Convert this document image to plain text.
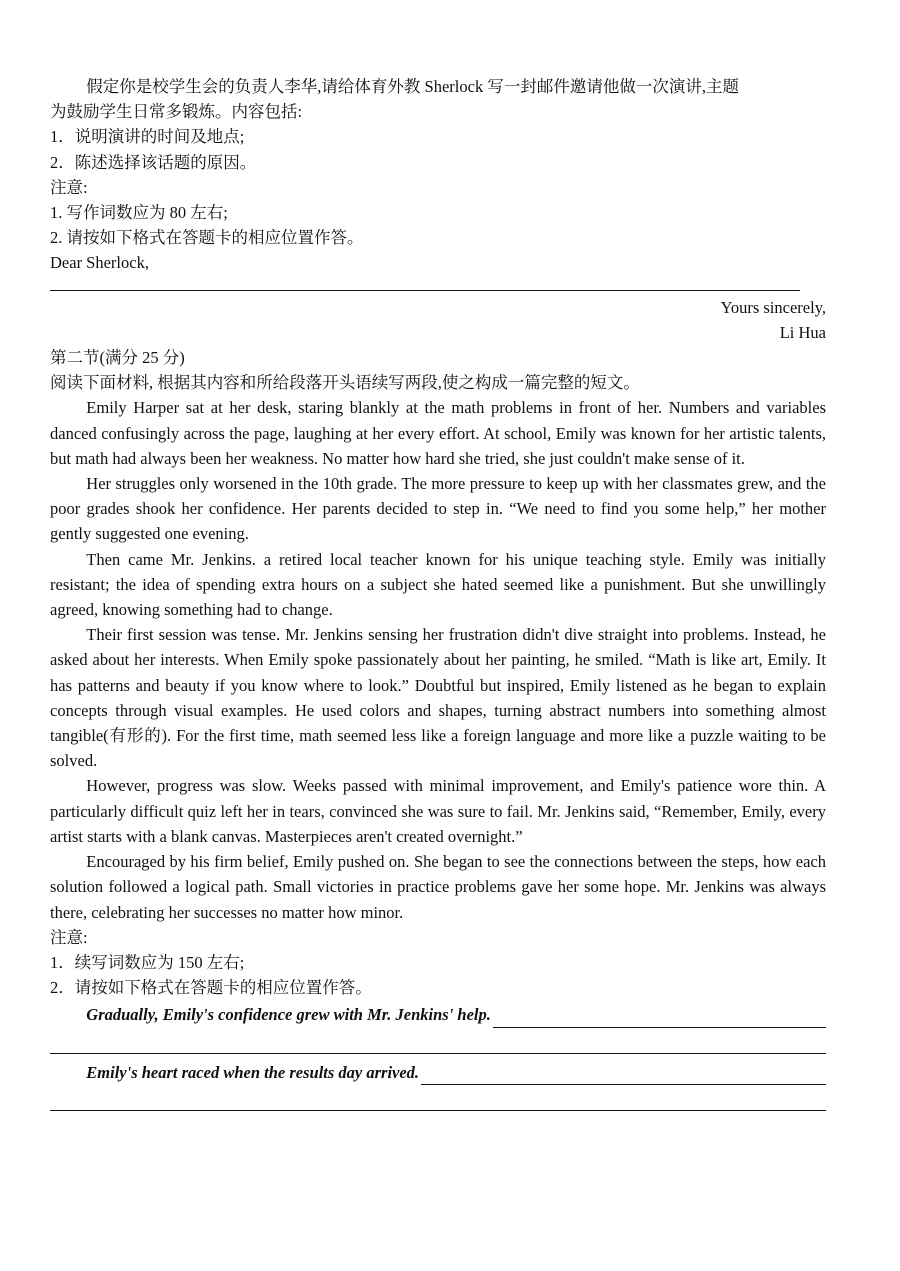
假定你是校学生会的负责人李华,请给体育外教 Sherlock 写一封邮件邀请他做一次演讲,主题

为鼓励学生日常多锻炼。内容包括:

1．说明演讲的时间及地点;

2．陈述选择该话题的原因。

注意:

1. 写作词数应为 80 左右;

2. 请按如下格式在答题卡的相应位置作答。

Dear Sherlock,

Yours sincerely,

Li Hua

第二节(满分 25 分)

阅读下面材料, 根据其内容和所给段落开头语续写两段,使之构成一篇完整的短文。

Emily Harper sat at her desk, staring blankly at the math problems in front of her. Numbers and variables danced confusingly across the page, laughing at her every effort. At school, Emily was known for her artistic talents, but math had always been her weakness. No matter how hard she tried, she just couldn't make sense of it.

Her struggles only worsened in the 10th grade. The more pressure to keep up with her classmates grew, and the poor grades shook her confidence. Her parents decided to step in. “We need to find you some help,” her mother gently suggested one evening.

Then came Mr. Jenkins. a retired local teacher known for his unique teaching style. Emily was initially resistant; the idea of spending extra hours on a subject she hated seemed like a punishment. But she unwillingly agreed, knowing something had to change.

Their first session was tense. Mr. Jenkins sensing her frustration didn't dive straight into problems. Instead, he asked about her interests. When Emily spoke passionately about her painting, he smiled. “Math is like art, Emily. It has patterns and beauty if you know where to look.” Doubtful but inspired, Emily listened as he began to explain concepts through visual examples. He used colors and shapes, turning abstract numbers into something almost tangible(有形的). For the first time, math seemed less like a foreign language and more like a puzzle waiting to be solved.

However, progress was slow. Weeks passed with minimal improvement, and Emily's patience wore thin. A particularly difficult quiz left her in tears, convinced she was sure to fail. Mr. Jenkins said, “Remember, Emily, every artist starts with a blank canvas. Masterpieces aren't created overnight.”

Encouraged by his firm belief, Emily pushed on. She began to see the connections between the steps, how each solution followed a logical path. Small victories in practice problems gave her some hope. Mr. Jenkins was always there, celebrating her successes no matter how minor.

注意:

1．续写词数应为 150 左右;

2．请按如下格式在答题卡的相应位置作答。

Gradually, Emily's confidence grew with Mr. Jenkins' help.
Emily's heart raced when the results day arrived.
